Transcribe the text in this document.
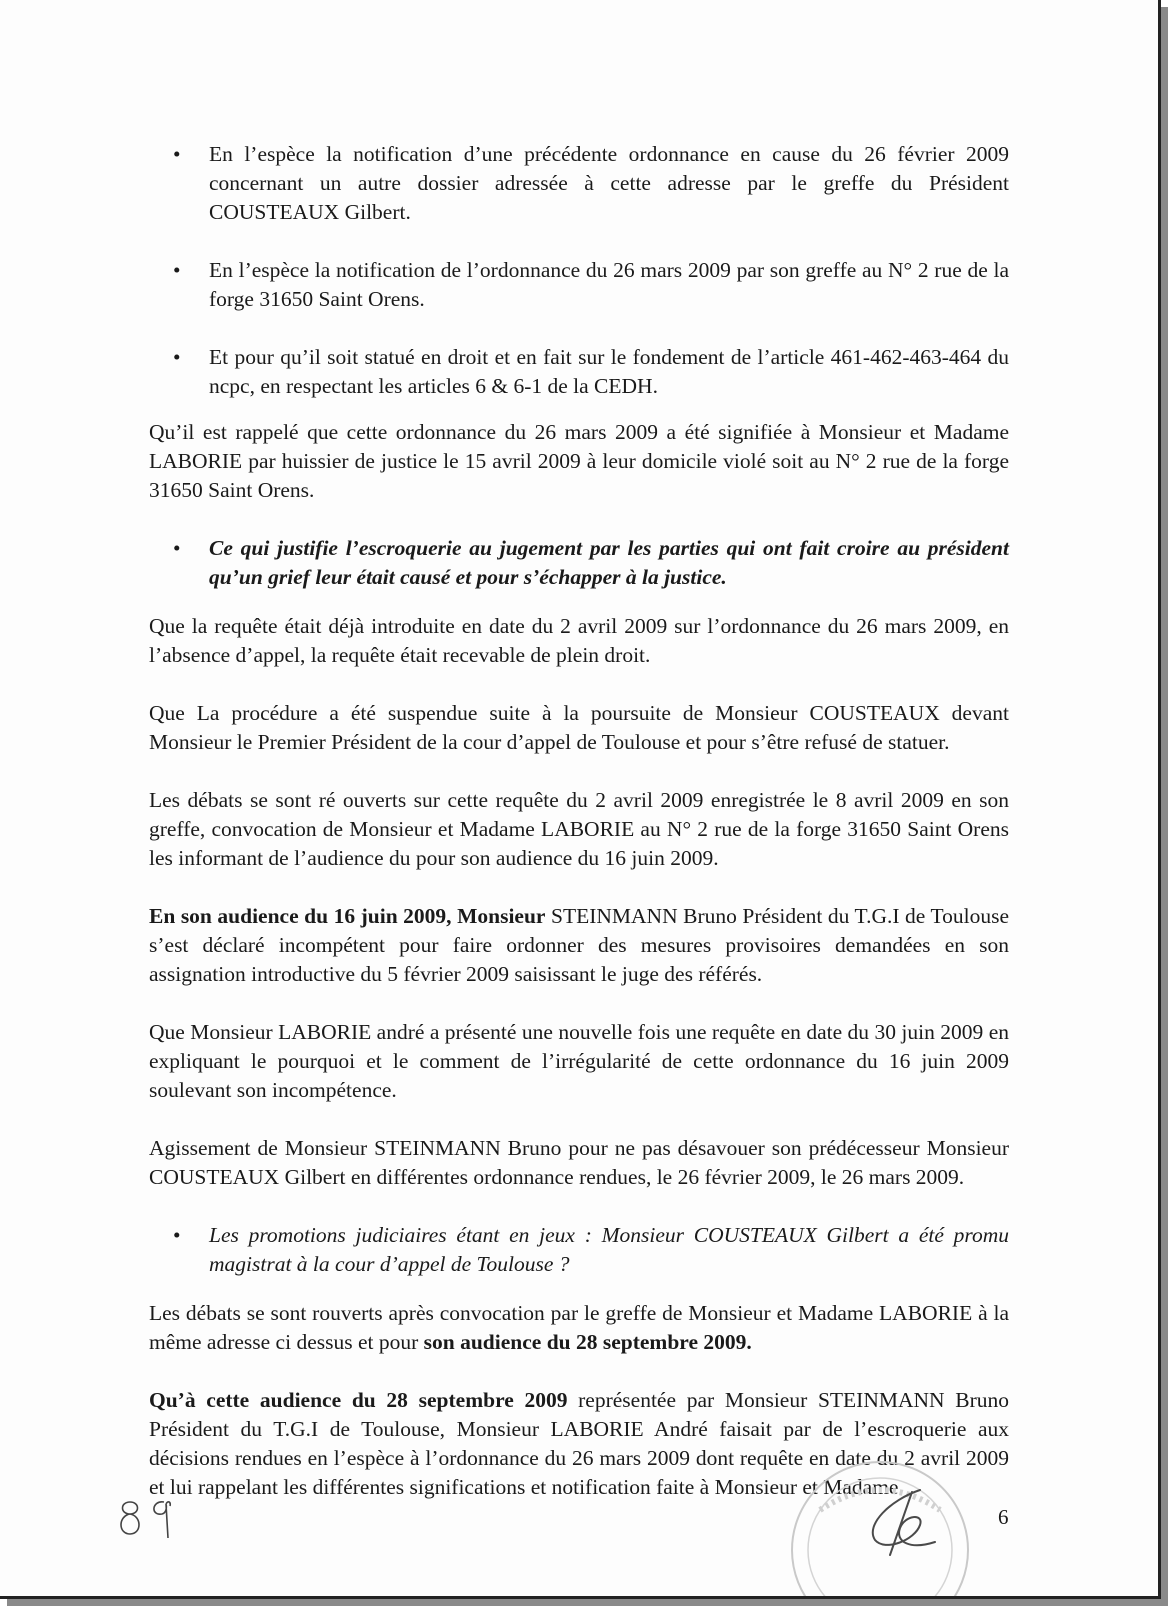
• En l’espèce la notification d’une précédente ordonnance en cause du 26 février 2009 concernant un autre dossier adressée à cette adresse par le greffe du Président COUSTEAUX Gilbert.
• En l’espèce la notification de l’ordonnance du 26 mars 2009 par son greffe au N° 2 rue de la forge 31650 Saint Orens.
• Et pour qu’il soit statué en droit et en fait sur le fondement de l’article 461-462-463-464 du ncpc, en respectant les articles 6 & 6-1 de la CEDH.

Qu’il est rappelé que cette ordonnance du 26 mars 2009 a été signifiée à Monsieur et Madame LABORIE par huissier de justice le 15 avril 2009 à leur domicile violé soit au N° 2 rue de la forge 31650 Saint Orens.

• Ce qui justifie l’escroquerie au jugement par les parties qui ont fait croire au président qu’un grief leur était causé et pour s’échapper à la justice.

Que la requête était déjà introduite en date du 2 avril 2009 sur l’ordonnance du 26 mars 2009, en l’absence d’appel, la requête était recevable de plein droit.

Que La procédure a été suspendue suite à la poursuite de Monsieur COUSTEAUX devant Monsieur le Premier Président de la cour d’appel de Toulouse et pour s’être refusé de statuer.

Les débats se sont ré ouverts sur cette requête du 2 avril 2009 enregistrée le 8 avril 2009 en son greffe, convocation de Monsieur et Madame LABORIE au N° 2 rue de la forge 31650 Saint Orens les informant de l’audience du pour son audience du 16 juin 2009.

En son audience du 16 juin 2009, Monsieur STEINMANN Bruno Président du T.G.I de Toulouse s’est déclaré incompétent pour faire ordonner des mesures provisoires demandées en son assignation introductive du 5 février 2009 saisissant le juge des référés.

Que Monsieur LABORIE andré a présenté une nouvelle fois une requête en date du 30 juin 2009 en expliquant le pourquoi et le comment de l’irrégularité de cette ordonnance du 16 juin 2009 soulevant son incompétence.

Agissement de Monsieur STEINMANN Bruno pour ne pas désavouer son prédécesseur Monsieur COUSTEAUX Gilbert en différentes ordonnance rendues, le 26 février 2009, le 26 mars 2009.

• Les promotions judiciaires étant en jeux : Monsieur COUSTEAUX Gilbert a été promu magistrat à la cour d’appel de Toulouse ?

Les débats se sont rouverts après convocation par le greffe de Monsieur et Madame LABORIE à la même adresse ci dessus et pour son audience du 28 septembre 2009.

Qu’à cette audience du 28 septembre 2009 représentée par Monsieur STEINMANN Bruno Président du T.G.I de Toulouse, Monsieur LABORIE André faisait par de l’escroquerie aux décisions rendues en l’espèce à l’ordonnance du 26 mars 2009 dont requête en date du 2 avril 2009 et lui rappelant les différentes significations et notification faite à Monsieur et Madame

6
